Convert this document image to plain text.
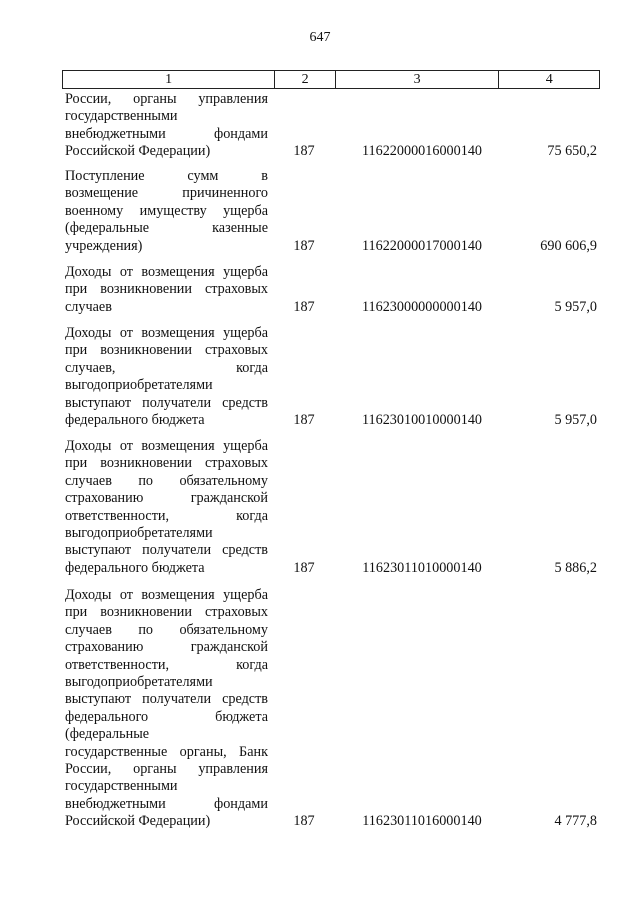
647
1	2	3	4
России, органы управления
государственными
внебюджетными фондами
Российской Федерации)	187	11622000016000140	75 650,2
Поступление сумм в
возмещение причиненного
военному имуществу ущерба
(федеральные казенные
учреждения)	187	11622000017000140	690 606,9
Доходы от возмещения ущерба
при возникновении страховых
случаев	187	11623000000000140	5 957,0
Доходы от возмещения ущерба
при возникновении страховых
случаев, когда
выгодоприобретателями
выступают получатели средств
федерального бюджета	187	11623010010000140	5 957,0
Доходы от возмещения ущерба
при возникновении страховых
случаев по обязательному
страхованию гражданской
ответственности, когда
выгодоприобретателями
выступают получатели средств
федерального бюджета	187	11623011010000140	5 886,2
Доходы от возмещения ущерба
при возникновении страховых
случаев по обязательному
страхованию гражданской
ответственности, когда
выгодоприобретателями
выступают получатели средств
федерального бюджета
(федеральные
государственные органы, Банк
России, органы управления
государственными
внебюджетными фондами
Российской Федерации)	187	11623011016000140	4 777,8
